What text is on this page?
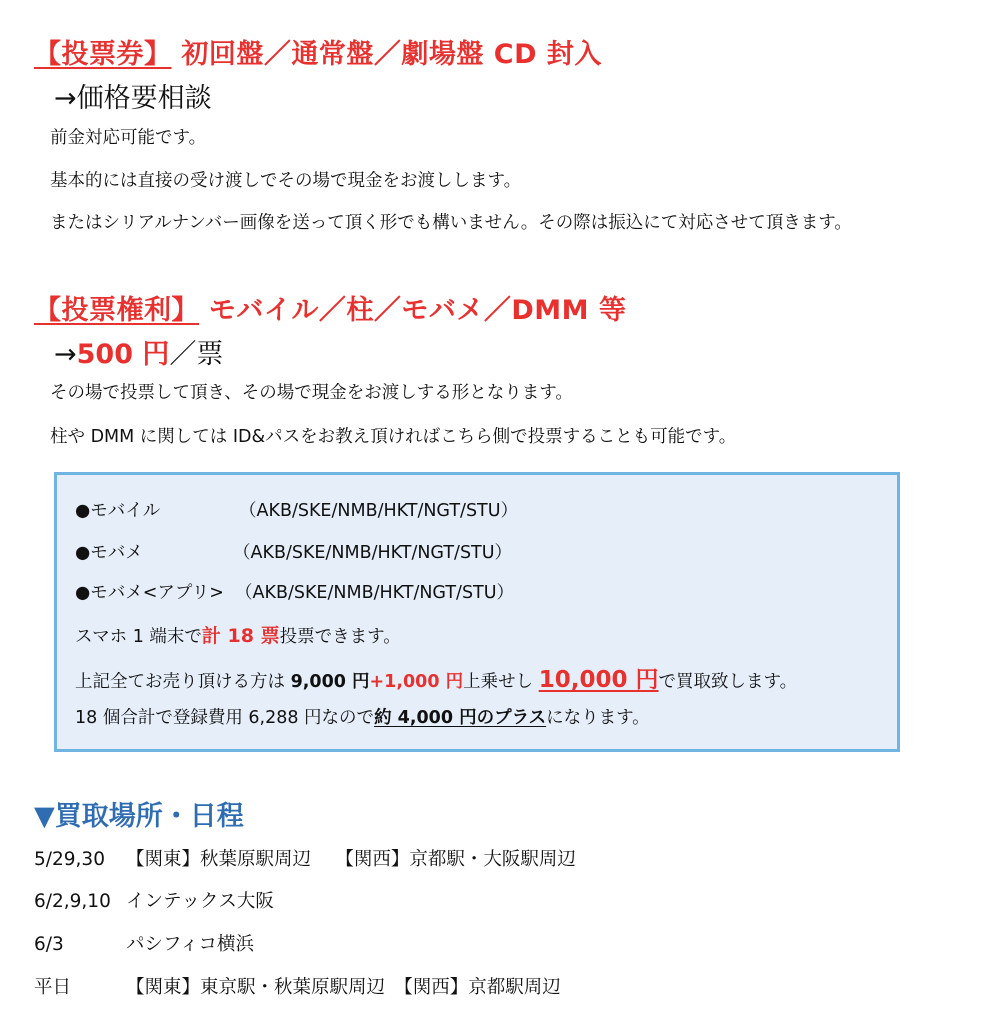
【投票券】 初回盤／通常盤／劇場盤 CD 封入
→価格要相談
前金対応可能です。
基本的には直接の受け渡しでその場で現金をお渡しします。
またはシリアルナンバー画像を送って頂く形でも構いません。その際は振込にて対応させて頂きます。
【投票権利】 モバイル／柱／モバメ／DMM 等
→500 円／票
その場で投票して頂き、その場で現金をお渡しする形となります。
柱や DMM に関しては ID&パスをお教え頂ければこちら側で投票することも可能です。
●モバイル	（AKB/SKE/NMB/HKT/NGT/STU）
●モバメ	（AKB/SKE/NMB/HKT/NGT/STU）
●モバメ<アプリ> （AKB/SKE/NMB/HKT/NGT/STU）
スマホ 1 端末で計 18 票投票できます。
上記全てお売り頂ける方は 9,000 円+1,000 円上乗せし 10,000 円で買取致します。
18 個合計で登録費用 6,288 円なので約 4,000 円のプラスになります。
▼買取場所・日程
5/29,30 【関東】秋葉原駅周辺　 【関西】京都駅・大阪駅周辺
6/2,9,10 インテックス大阪
6/3	パシフィコ横浜
平日	【関東】東京駅・秋葉原駅周辺　【関西】京都駅周辺
